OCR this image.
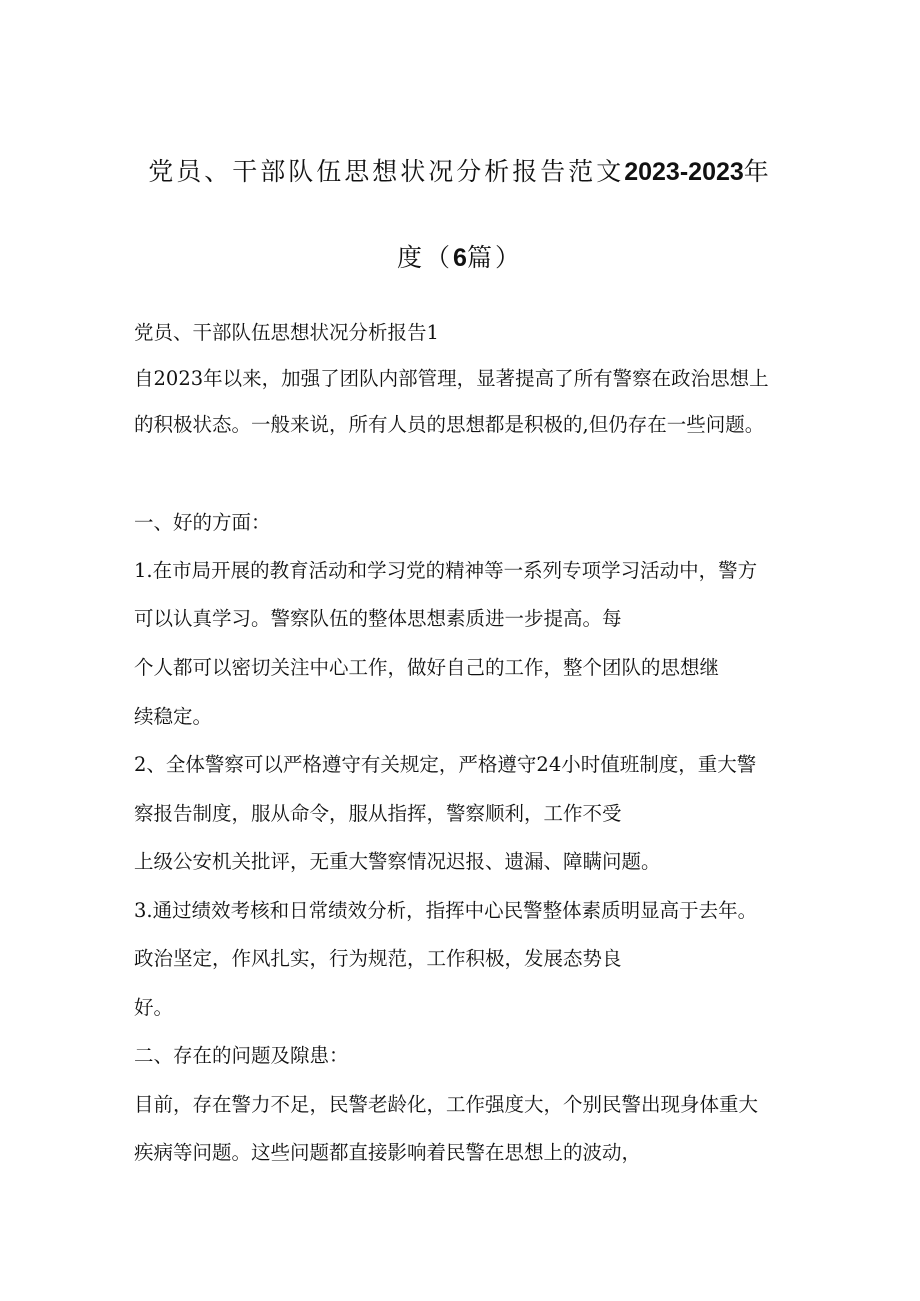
党员、干部队伍思想状况分析报告范文2023-2023年
度（6篇）
党员、干部队伍思想状况分析报告1
自2023年以来，加强了团队内部管理，显著提高了所有警察在政治思想上
的积极状态。一般来说，所有人员的思想都是积极的,但仍存在一些问题。
一、好的方面：
1.在市局开展的教育活动和学习党的精神等一系列专项学习活动中，警方
可以认真学习。警察队伍的整体思想素质进一步提高。每
个人都可以密切关注中心工作，做好自己的工作，整个团队的思想继
续稳定。
2、全体警察可以严格遵守有关规定，严格遵守24小时值班制度，重大警
察报告制度，服从命令，服从指挥，警察顺利，工作不受
上级公安机关批评，无重大警察情况迟报、遗漏、障瞒问题。
3.通过绩效考核和日常绩效分析，指挥中心民警整体素质明显高于去年。
政治坚定，作风扎实，行为规范，工作积极，发展态势良
好。
二、存在的问题及隙患：
目前，存在警力不足，民警老龄化，工作强度大，个别民警出现身体重大
疾病等问题。这些问题都直接影响着民警在思想上的波动，
